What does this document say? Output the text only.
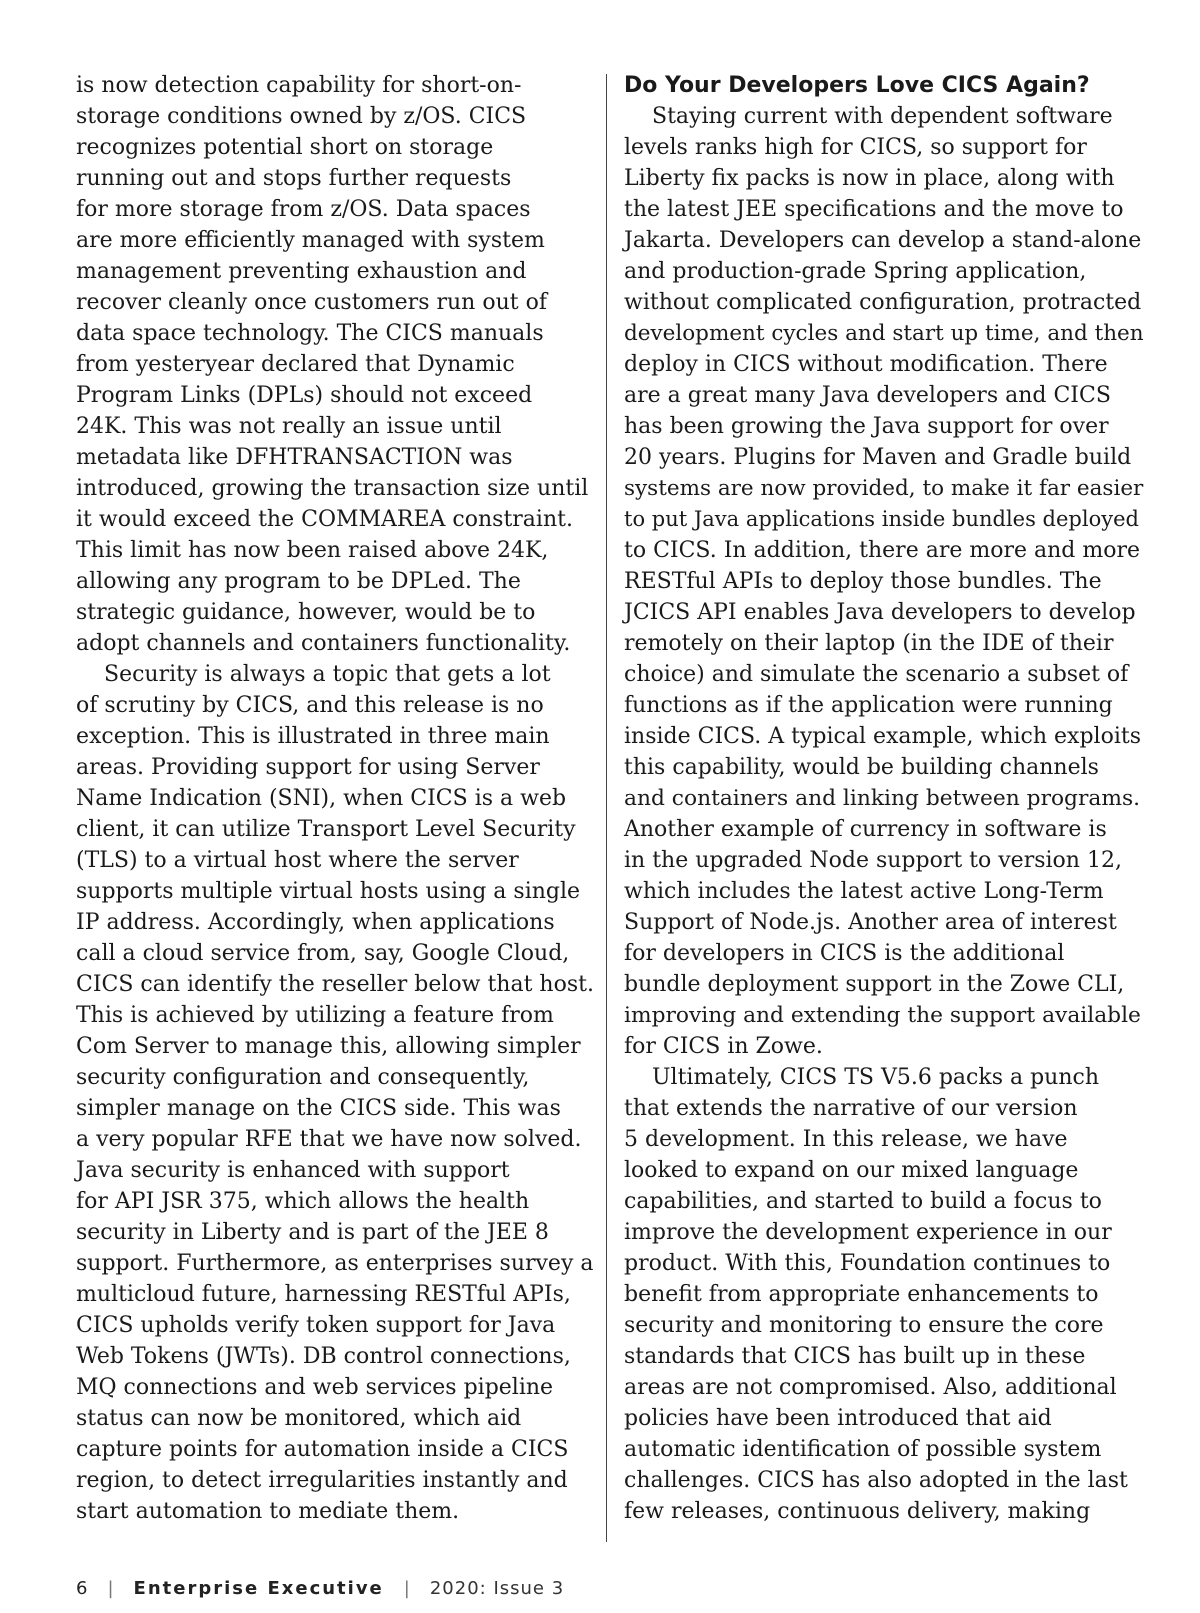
is now detection capability for short-on-
storage conditions owned by z/OS. CICS
recognizes potential short on storage
running out and stops further requests
for more storage from z/OS. Data spaces
are more efficiently managed with system
management preventing exhaustion and
recover cleanly once customers run out of
data space technology. The CICS manuals
from yesteryear declared that Dynamic
Program Links (DPLs) should not exceed
24K. This was not really an issue until
metadata like DFHTRANSACTION was
introduced, growing the transaction size until
it would exceed the COMMAREA constraint.
This limit has now been raised above 24K,
allowing any program to be DPLed. The
strategic guidance, however, would be to
adopt channels and containers functionality.
Security is always a topic that gets a lot
of scrutiny by CICS, and this release is no
exception. This is illustrated in three main
areas. Providing support for using Server
Name Indication (SNI), when CICS is a web
client, it can utilize Transport Level Security
(TLS) to a virtual host where the server
supports multiple virtual hosts using a single
IP address. Accordingly, when applications
call a cloud service from, say, Google Cloud,
CICS can identify the reseller below that host.
This is achieved by utilizing a feature from
Com Server to manage this, allowing simpler
security configuration and consequently,
simpler manage on the CICS side. This was
a very popular RFE that we have now solved.
Java security is enhanced with support
for API JSR 375, which allows the health
security in Liberty and is part of the JEE 8
support. Furthermore, as enterprises survey a
multicloud future, harnessing RESTful APIs,
CICS upholds verify token support for Java
Web Tokens (JWTs). DB control connections,
MQ connections and web services pipeline
status can now be monitored, which aid
capture points for automation inside a CICS
region, to detect irregularities instantly and
start automation to mediate them.
Do Your Developers Love CICS Again?
Staying current with dependent software
levels ranks high for CICS, so support for
Liberty fix packs is now in place, along with
the latest JEE specifications and the move to
Jakarta. Developers can develop a stand-alone
and production-grade Spring application,
without complicated configuration, protracted
development cycles and start up time, and then
deploy in CICS without modification. There
are a great many Java developers and CICS
has been growing the Java support for over
20 years. Plugins for Maven and Gradle build
systems are now provided, to make it far easier
to put Java applications inside bundles deployed
to CICS. In addition, there are more and more
RESTful APIs to deploy those bundles. The
JCICS API enables Java developers to develop
remotely on their laptop (in the IDE of their
choice) and simulate the scenario a subset of
functions as if the application were running
inside CICS. A typical example, which exploits
this capability, would be building channels
and containers and linking between programs.
Another example of currency in software is
in the upgraded Node support to version 12,
which includes the latest active Long-Term
Support of Node.js. Another area of interest
for developers in CICS is the additional
bundle deployment support in the Zowe CLI,
improving and extending the support available
for CICS in Zowe.
Ultimately, CICS TS V5.6 packs a punch
that extends the narrative of our version
5 development. In this release, we have
looked to expand on our mixed language
capabilities, and started to build a focus to
improve the development experience in our
product. With this, Foundation continues to
benefit from appropriate enhancements to
security and monitoring to ensure the core
standards that CICS has built up in these
areas are not compromised. Also, additional
policies have been introduced that aid
automatic identification of possible system
challenges. CICS has also adopted in the last
few releases, continuous delivery, making
6 | Enterprise Executive | 2020: Issue 3
